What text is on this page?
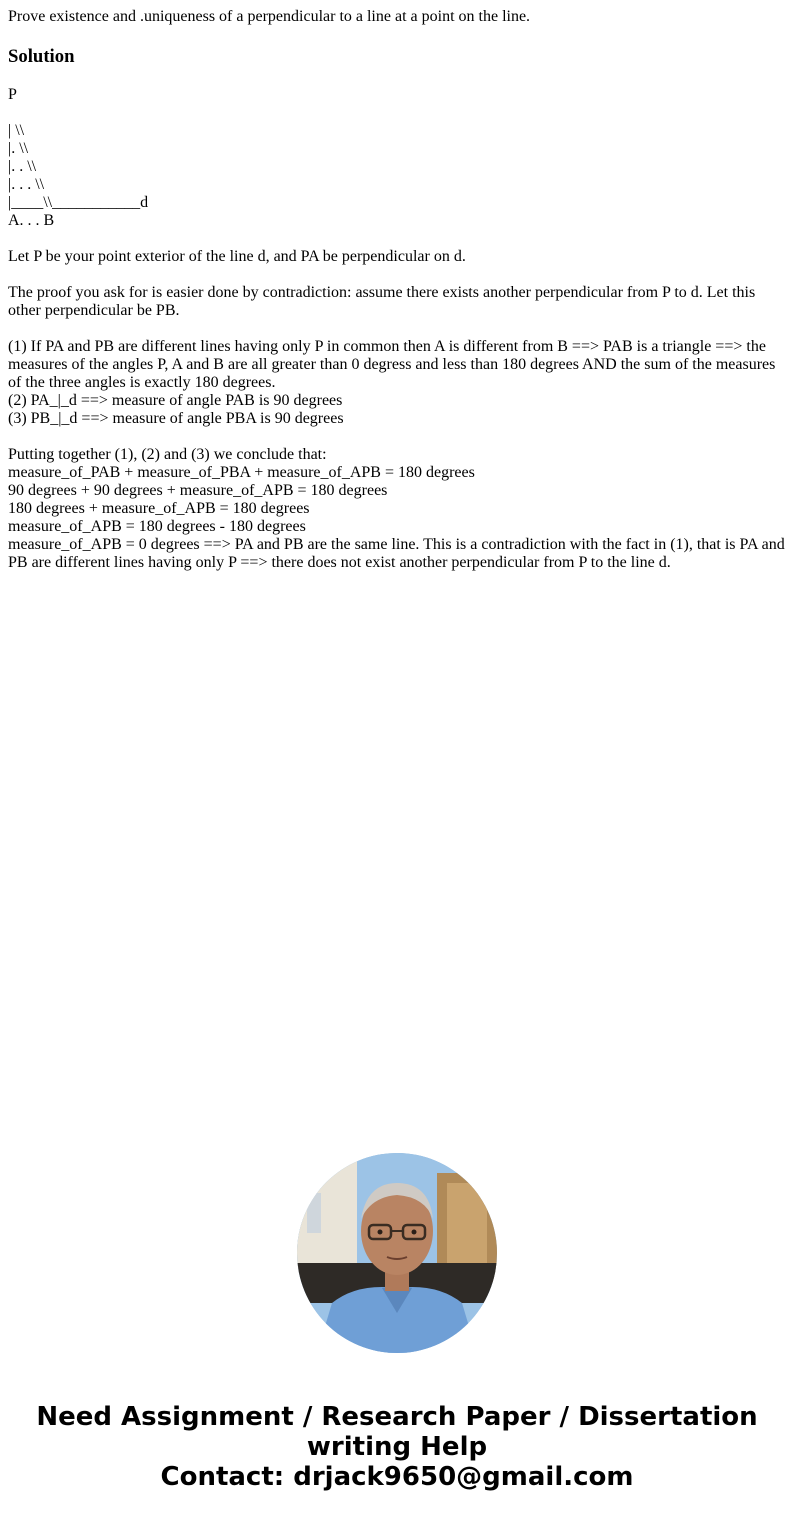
Prove existence and .uniqueness of a perpendicular to a line at a point on the line.

Solution
P
| \\
|. \\
|. . \\
|. . . \\
|____\\___________d
A. . . B

Let P be your point exterior of the line d, and PA be perpendicular on d.

The proof you ask for is easier done by contradiction: assume there exists another perpendicular from P to d. Let this other perpendicular be PB.

(1) If PA and PB are different lines having only P in common then A is different from B ==> PAB is a triangle ==> the measures of the angles P, A and B are all greater than 0 degress and less than 180 degrees AND the sum of the measures of the three angles is exactly 180 degrees.
(2) PA_|_d ==> measure of angle PAB is 90 degrees
(3) PB_|_d ==> measure of angle PBA is 90 degrees
Putting together (1), (2) and (3) we conclude that:
measure_of_PAB + measure_of_PBA + measure_of_APB = 180 degrees
90 degrees + 90 degrees + measure_of_APB = 180 degrees
180 degrees + measure_of_APB = 180 degrees
measure_of_APB = 180 degrees - 180 degrees
measure_of_APB = 0 degrees ==> PA and PB are the same line. This is a contradiction with the fact in (1), that is PA and PB are different lines having only P ==> there does not exist another perpendicular from P to the line d.
Need Assignment / Research Paper / Dissertation
writing Help
Contact: drjack9650@gmail.com
